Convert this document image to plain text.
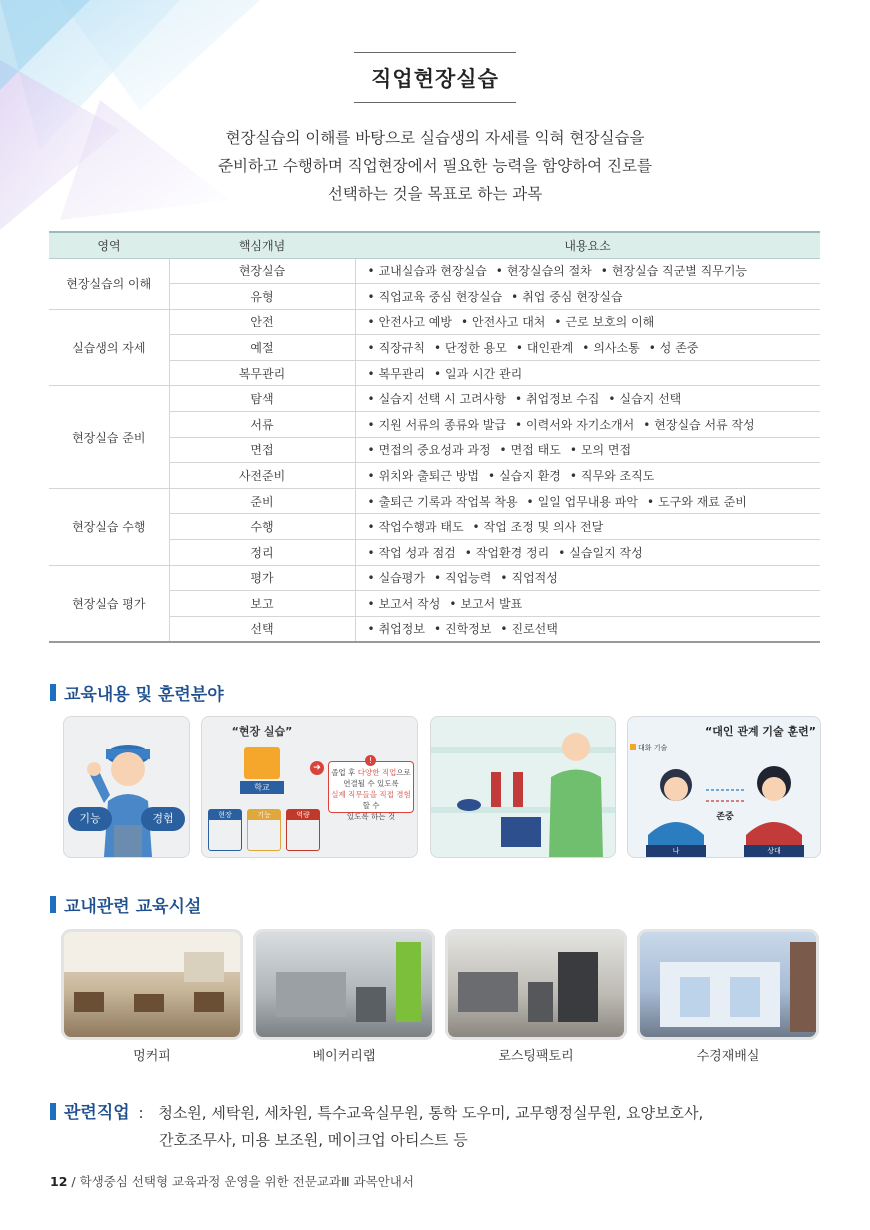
직업현장실습
현장실습의 이해를 바탕으로 실습생의 자세를 익혀 현장실습을
준비하고 수행하며 직업현장에서 필요한 능력을 함양하여 진로를
선택하는 것을 목표로 하는 과목
영역	핵심개념	내용요소
현장실습의 이해	현장실습	• 교내실습과 현장실습 • 현장실습의 절차 • 현장실습 직군별 직무기능
	유형	• 직업교육 중심 현장실습 • 취업 중심 현장실습
실습생의 자세	안전	• 안전사고 예방 • 안전사고 대처 • 근로 보호의 이해
	예절	• 직장규칙 • 단정한 용모 • 대인관계 • 의사소통 • 성 존중
	복무관리	• 복무관리 • 일과 시간 관리
현장실습 준비	탐색	• 실습지 선택 시 고려사항 • 취업정보 수집 • 실습지 선택
	서류	• 지원 서류의 종류와 발급 • 이력서와 자기소개서 • 현장실습 서류 작성
	면접	• 면접의 중요성과 과정 • 면접 태도 • 모의 면접
	사전준비	• 위치와 출퇴근 방법 • 실습지 환경 • 직무와 조직도
현장실습 수행	준비	• 출퇴근 기록과 작업복 착용 • 일일 업무내용 파악 • 도구와 재료 준비
	수행	• 작업수행과 태도 • 작업 조정 및 의사 전달
	정리	• 작업 성과 점검 • 작업환경 정리 • 실습일지 작성
현장실습 평가	평가	• 실습평가 • 직업능력 • 직업적성
	보고	• 보고서 작성 • 보고서 발표
	선택	• 취업정보 • 진학정보 • 진로선택
교육내용 및 훈련분야
기능	경험
“현장 실습”
학교
현장	기능	역량
➔	졸업 후 다양한 직업으로
연결될 수 있도록
실제 직무들을 직접 경험할 수
있도록 하는 것
!
“대인 관계 기술 훈련”
대화 기술
존중
나	상대
교내관련 교육시설
멍커피	베이커리랩	로스팅팩토리	수경재배실
관련직업 : 청소원, 세탁원, 세차원, 특수교육실무원, 통학 도우미, 교무행정실무원, 요양보호사,
간호조무사, 미용 보조원, 메이크업 아티스트 등
12 / 학생중심 선택형 교육과정 운영을 위한 전문교과Ⅲ 과목안내서
